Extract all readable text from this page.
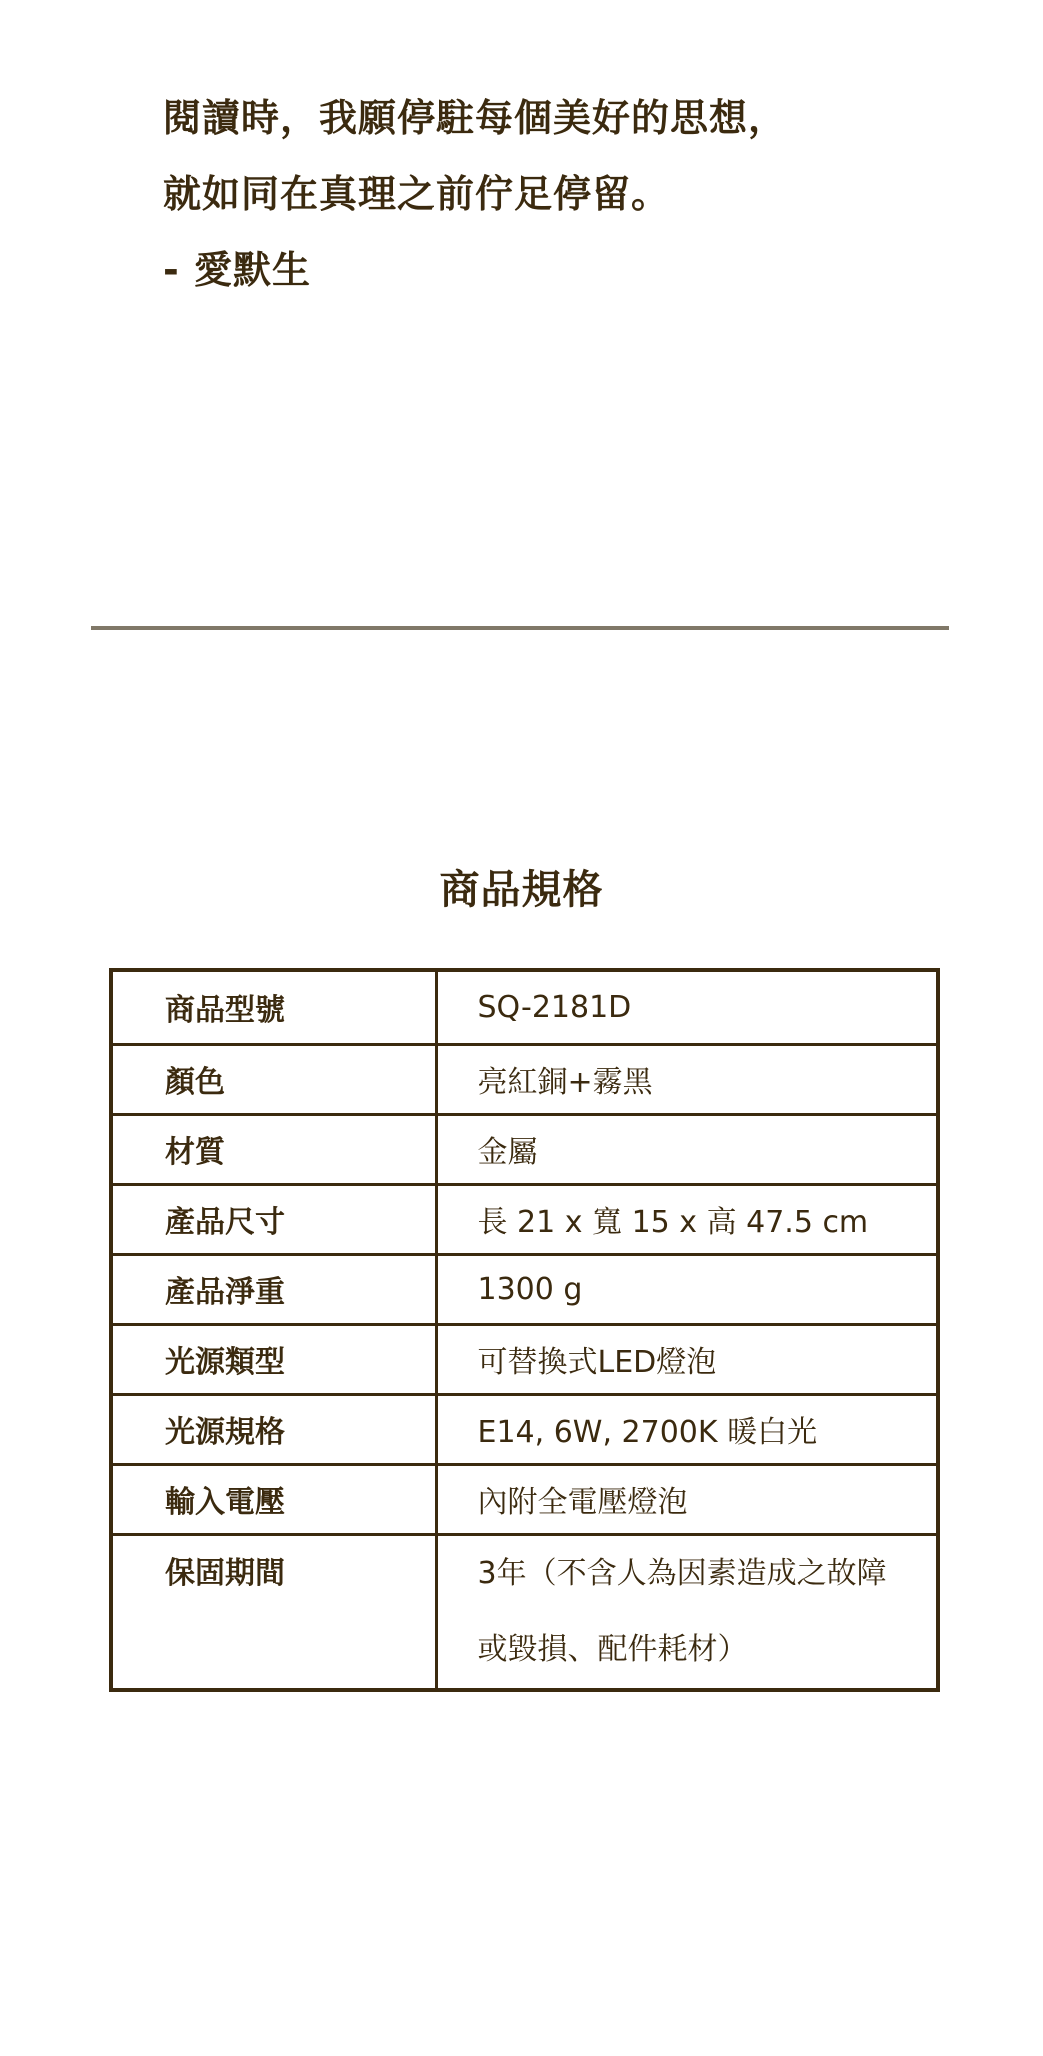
閱讀時，我願停駐每個美好的思想，
就如同在真理之前佇足停留。
- 愛默生
商品規格
商品型號	SQ-2181D
顏色	亮紅銅+霧黑
材質	金屬
產品尺寸	長 21 x 寬 15 x 高 47.5 cm
產品淨重	1300 g
光源類型	可替換式LED燈泡
光源規格	E14, 6W, 2700K 暖白光
輸入電壓	內附全電壓燈泡
保固期間	3年（不含人為因素造成之故障
或毀損、配件耗材）
